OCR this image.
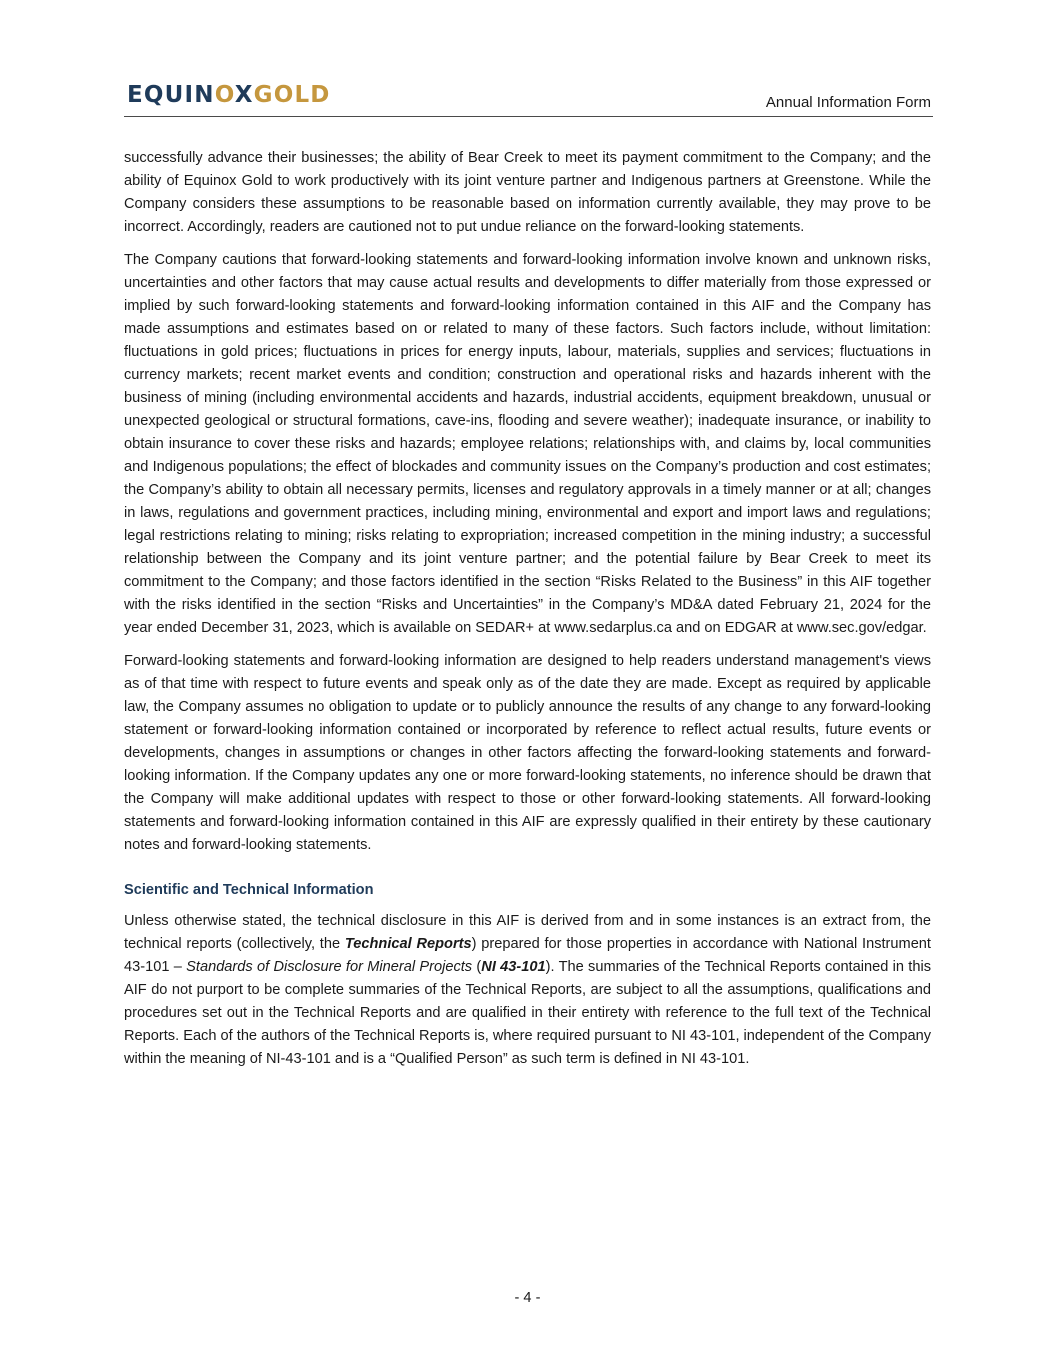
EQUINOXGOLD	Annual Information Form

successfully advance their businesses; the ability of Bear Creek to meet its payment commitment to the Company; and the ability of Equinox Gold to work productively with its joint venture partner and Indigenous partners at Greenstone. While the Company considers these assumptions to be reasonable based on information currently available, they may prove to be incorrect. Accordingly, readers are cautioned not to put undue reliance on the forward-looking statements.

The Company cautions that forward-looking statements and forward-looking information involve known and unknown risks, uncertainties and other factors that may cause actual results and developments to differ materially from those expressed or implied by such forward-looking statements and forward-looking information contained in this AIF and the Company has made assumptions and estimates based on or related to many of these factors. Such factors include, without limitation: fluctuations in gold prices; fluctuations in prices for energy inputs, labour, materials, supplies and services; fluctuations in currency markets; recent market events and condition; construction and operational risks and hazards inherent with the business of mining (including environmental accidents and hazards, industrial accidents, equipment breakdown, unusual or unexpected geological or structural formations, cave-ins, flooding and severe weather); inadequate insurance, or inability to obtain insurance to cover these risks and hazards; employee relations; relationships with, and claims by, local communities and Indigenous populations; the effect of blockades and community issues on the Company’s production and cost estimates; the Company’s ability to obtain all necessary permits, licenses and regulatory approvals in a timely manner or at all; changes in laws, regulations and government practices, including mining, environmental and export and import laws and regulations; legal restrictions relating to mining; risks relating to expropriation; increased competition in the mining industry; a successful relationship between the Company and its joint venture partner; and the potential failure by Bear Creek to meet its commitment to the Company; and those factors identified in the section “Risks Related to the Business” in this AIF together with the risks identified in the section “Risks and Uncertainties” in the Company’s MD&A dated February 21, 2024 for the year ended December 31, 2023, which is available on SEDAR+ at www.sedarplus.ca and on EDGAR at www.sec.gov/edgar.

Forward-looking statements and forward-looking information are designed to help readers understand management's views as of that time with respect to future events and speak only as of the date they are made. Except as required by applicable law, the Company assumes no obligation to update or to publicly announce the results of any change to any forward-looking statement or forward-looking information contained or incorporated by reference to reflect actual results, future events or developments, changes in assumptions or changes in other factors affecting the forward-looking statements and forward-looking information. If the Company updates any one or more forward-looking statements, no inference should be drawn that the Company will make additional updates with respect to those or other forward-looking statements. All forward-looking statements and forward-looking information contained in this AIF are expressly qualified in their entirety by these cautionary notes and forward-looking statements.

Scientific and Technical Information

Unless otherwise stated, the technical disclosure in this AIF is derived from and in some instances is an extract from, the technical reports (collectively, the Technical Reports) prepared for those properties in accordance with National Instrument 43-101 – Standards of Disclosure for Mineral Projects (NI 43-101). The summaries of the Technical Reports contained in this AIF do not purport to be complete summaries of the Technical Reports, are subject to all the assumptions, qualifications and procedures set out in the Technical Reports and are qualified in their entirety with reference to the full text of the Technical Reports. Each of the authors of the Technical Reports is, where required pursuant to NI 43-101, independent of the Company within the meaning of NI-43-101 and is a “Qualified Person” as such term is defined in NI 43-101.

- 4 -
